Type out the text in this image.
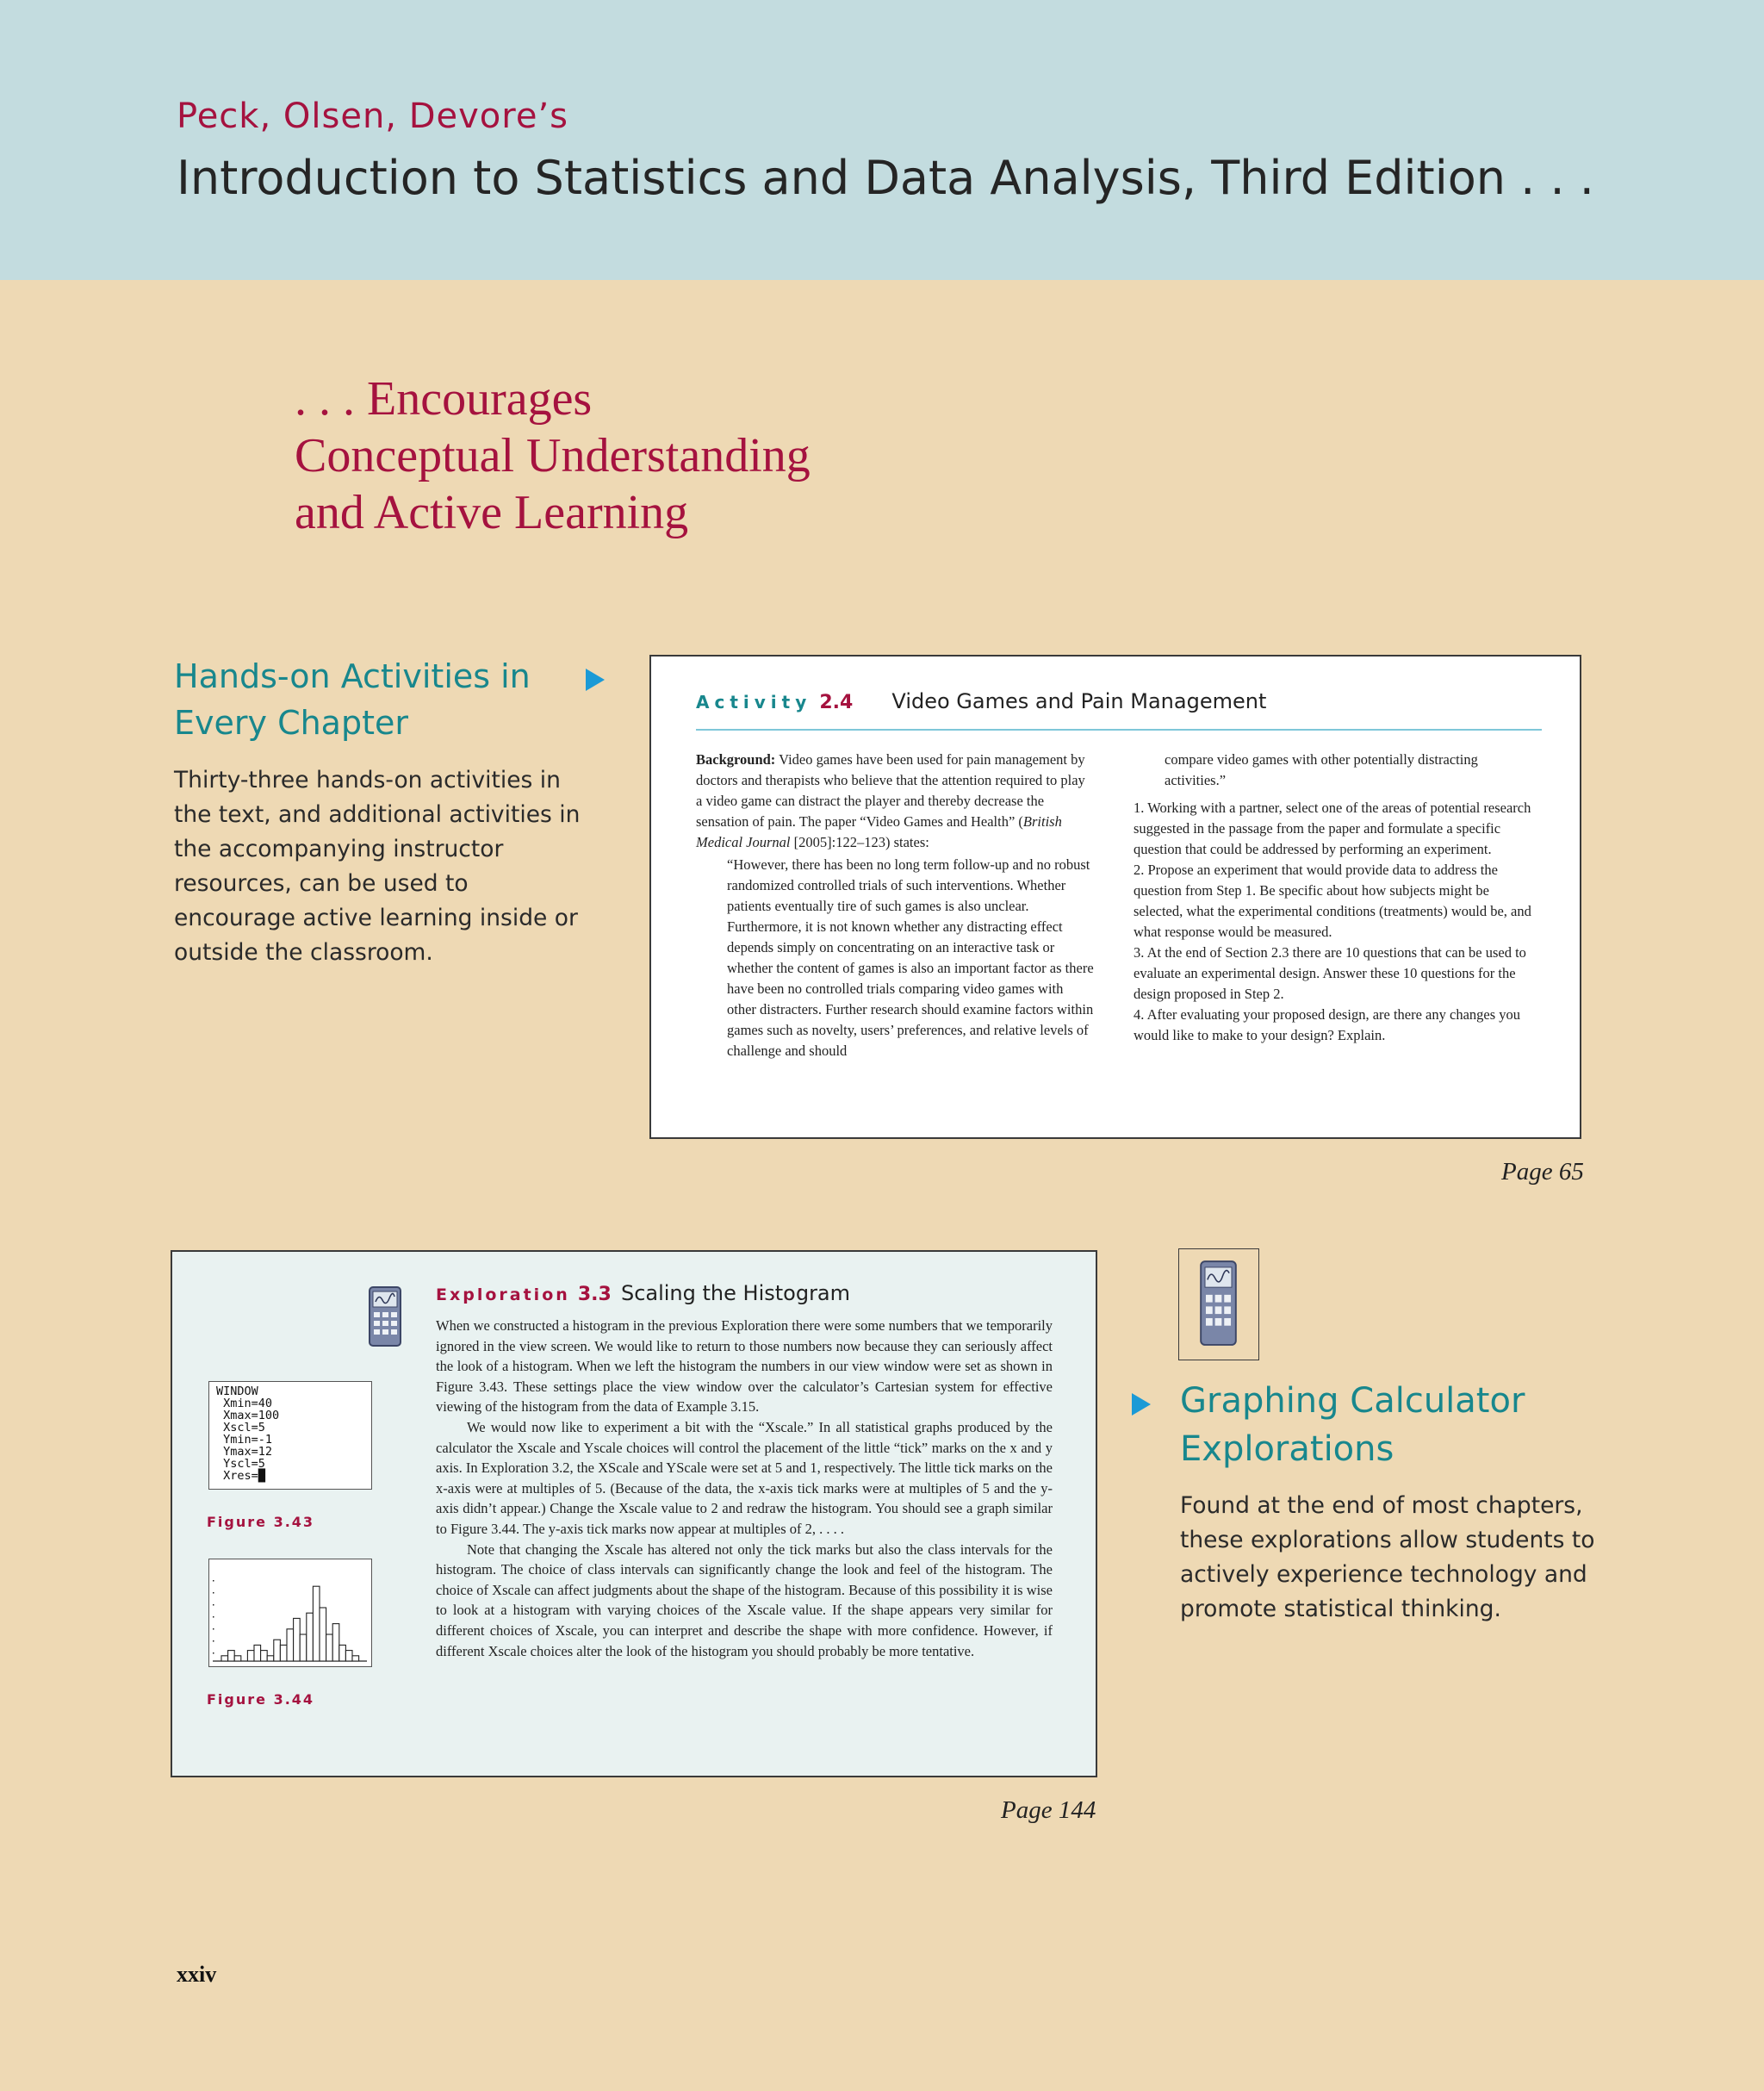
Peck, Olsen, Devore’s
Introduction to Statistics and Data Analysis, Third Edition . . .
. . . Encourages
Conceptual Understanding
and Active Learning

Hands-on Activities in
Every Chapter

Thirty-three hands-on activities in the text, and additional activities in the accompanying instructor resources, can be used to encourage active learning inside or outside the classroom.

Activity 2.4 Video Games and Pain Management

Background: Video games have been used for pain management by doctors and therapists who believe that the attention required to play a video game can distract the player and thereby decrease the sensation of pain. The paper “Video Games and Health” (British Medical Journal [2005]:122–123) states:

“However, there has been no long term follow-up and no robust randomized controlled trials of such interventions. Whether patients eventually tire of such games is also unclear. Furthermore, it is not known whether any distracting effect depends simply on concentrating on an interactive task or whether the content of games is also an important factor as there have been no controlled trials comparing video games with other distracters. Further research should examine factors within games such as novelty, users’ preferences, and relative levels of challenge and should

compare video games with other potentially distracting activities.”

1. Working with a partner, select one of the areas of potential research suggested in the passage from the paper and formulate a specific question that could be addressed by performing an experiment.

2. Propose an experiment that would provide data to address the question from Step 1. Be specific about how subjects might be selected, what the experimental conditions (treatments) would be, and what response would be measured.

3. At the end of Section 2.3 there are 10 questions that can be used to evaluate an experimental design. Answer these 10 questions for the design proposed in Step 2.

4. After evaluating your proposed design, are there any changes you would like to make to your design? Explain.

Page 65
Exploration 3.3 Scaling the Histogram

When we constructed a histogram in the previous Exploration there were some numbers that we temporarily ignored in the view screen. We would like to return to those numbers now because they can seriously affect the look of a histogram. When we left the histogram the numbers in our view window were set as shown in Figure 3.43. These settings place the view window over the calculator’s Cartesian system for effective viewing of the histogram from the data of Example 3.15.

We would now like to experiment a bit with the “Xscale.” In all statistical graphs produced by the calculator the Xscale and Yscale choices will control the placement of the little “tick” marks on the x and y axis. In Exploration 3.2, the XScale and YScale were set at 5 and 1, respectively. The little tick marks on the x-axis were at multiples of 5. (Because of the data, the x-axis tick marks were at multiples of 5 and the y-axis didn’t appear.) Change the Xscale value to 2 and redraw the histogram. You should see a graph similar to Figure 3.44. The y-axis tick marks now appear at multiples of 2, . . . .

Note that changing the Xscale has altered not only the tick marks but also the class intervals for the histogram. The choice of class intervals can significantly change the look and feel of the histogram. The choice of Xscale can affect judgments about the shape of the histogram. Because of this possibility it is wise to look at a histogram with varying choices of the Xscale value. If the shape appears very similar for different choices of Xscale, you can interpret and describe the shape with more confidence. However, if different Xscale choices alter the look of the histogram you should probably be more tentative.

WINDOW
Xmin=40
Xmax=100
Xscl=5
Ymin=-1
Ymax=12
Yscl=5
Xres=█
Figure 3.43
Figure 3.44
Page 144

Graphing Calculator
Explorations

Found at the end of most chapters, these explorations allow students to actively experience technology and promote statistical thinking.

xxiv
